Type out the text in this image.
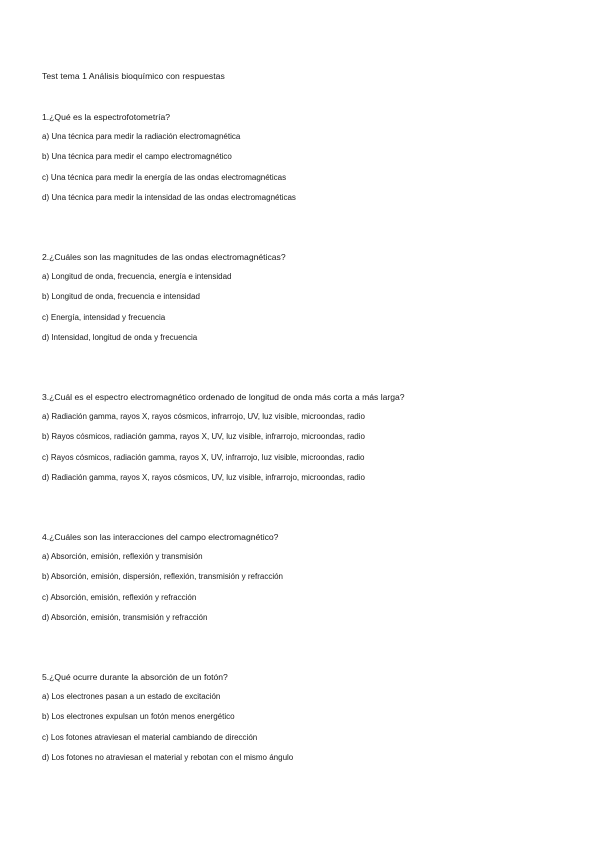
Test tema 1 Análisis bioquímico con respuestas
1.¿Qué es la espectrofotometría?
a) Una técnica para medir la radiación electromagnética
b) Una técnica para medir el campo electromagnético
c) Una técnica para medir la energía de las ondas electromagnéticas
d) Una técnica para medir la intensidad de las ondas electromagnéticas
2.¿Cuáles son las magnitudes de las ondas electromagnéticas?
a) Longitud de onda, frecuencia, energía e intensidad
b) Longitud de onda, frecuencia e intensidad
c) Energía, intensidad y frecuencia
d) Intensidad, longitud de onda y frecuencia
3.¿Cuál es el espectro electromagnético ordenado de longitud de onda más corta a más larga?
a) Radiación gamma, rayos X, rayos cósmicos, infrarrojo, UV, luz visible, microondas, radio
b) Rayos cósmicos, radiación gamma, rayos X, UV, luz visible, infrarrojo, microondas, radio
c) Rayos cósmicos, radiación gamma, rayos X, UV, infrarrojo, luz visible, microondas, radio
d) Radiación gamma, rayos X, rayos cósmicos, UV, luz visible, infrarrojo, microondas, radio
4.¿Cuáles son las interacciones del campo electromagnético?
a) Absorción, emisión, reflexión y transmisión
b) Absorción, emisión, dispersión, reflexión, transmisión y refracción
c) Absorción, emisión, reflexión y refracción
d) Absorción, emisión, transmisión y refracción
5.¿Qué ocurre durante la absorción de un fotón?
a) Los electrones pasan a un estado de excitación
b) Los electrones expulsan un fotón menos energético
c) Los fotones atraviesan el material cambiando de dirección
d) Los fotones no atraviesan el material y rebotan con el mismo ángulo
